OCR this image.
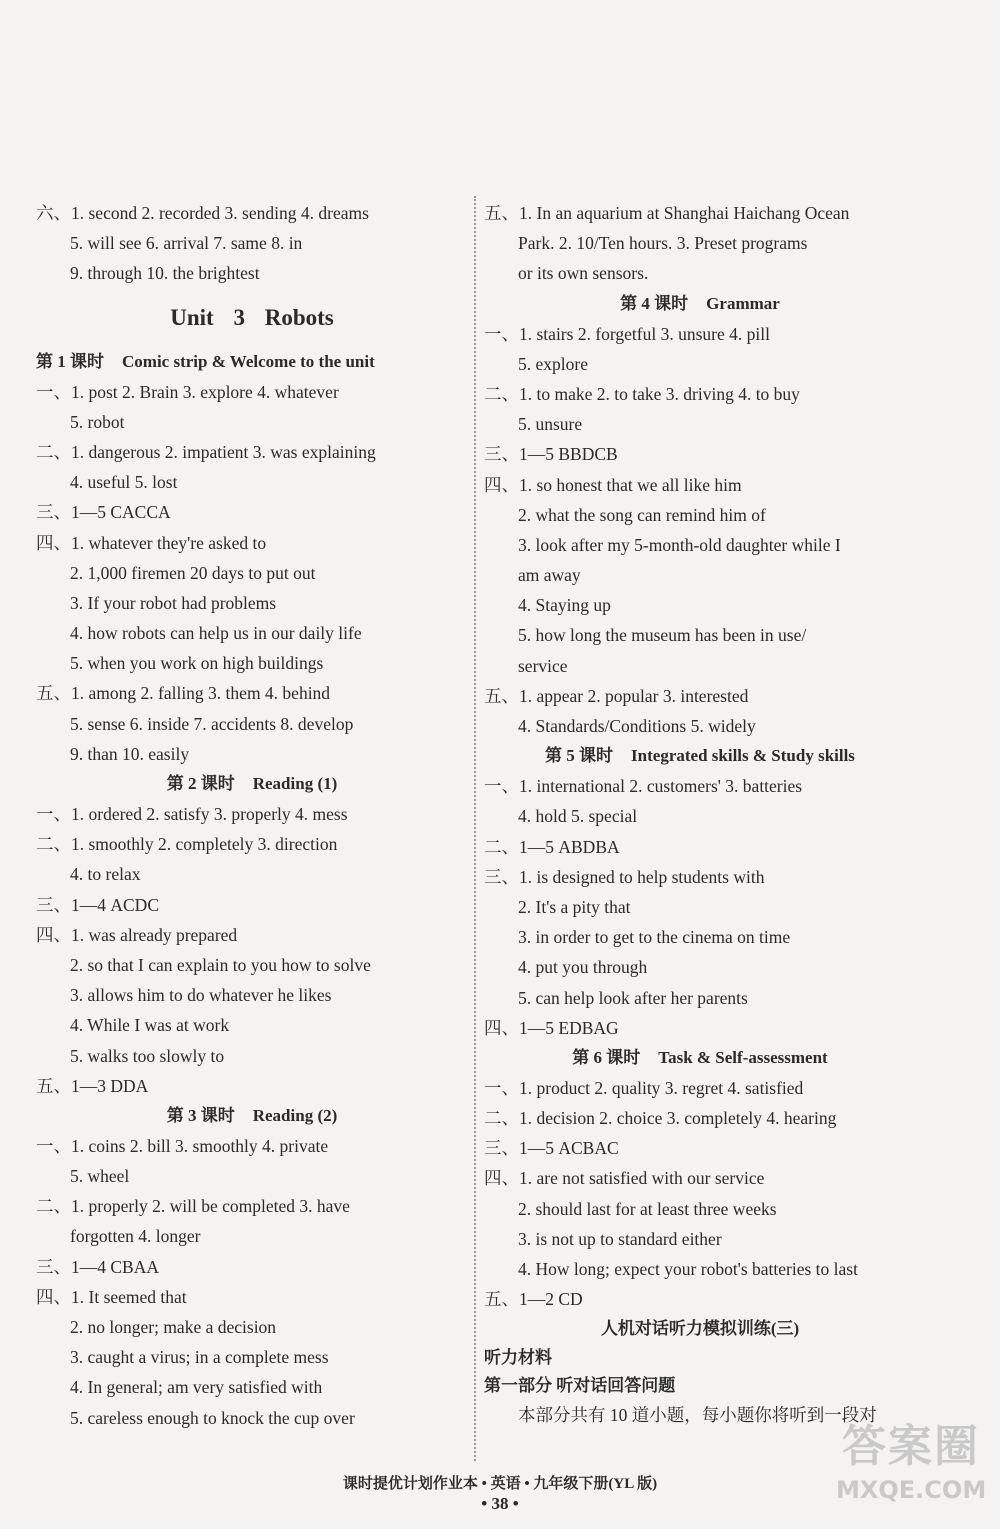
六、1. second 2. recorded 3. sending 4. dreams
5. will see 6. arrival 7. same 8. in
9. through 10. the brightest
Unit 3 Robots
第 1 课时 Comic strip & Welcome to the unit
一、1. post 2. Brain 3. explore 4. whatever
5. robot
二、1. dangerous 2. impatient 3. was explaining
4. useful 5. lost
三、1—5 CACCA
四、1. whatever they're asked to
2. 1,000 firemen 20 days to put out
3. If your robot had problems
4. how robots can help us in our daily life
5. when you work on high buildings
五、1. among 2. falling 3. them 4. behind
5. sense 6. inside 7. accidents 8. develop
9. than 10. easily
第 2 课时 Reading (1)
一、1. ordered 2. satisfy 3. properly 4. mess
二、1. smoothly 2. completely 3. direction
4. to relax
三、1—4 ACDC
四、1. was already prepared
2. so that I can explain to you how to solve
3. allows him to do whatever he likes
4. While I was at work
5. walks too slowly to
五、1—3 DDA
第 3 课时 Reading (2)
一、1. coins 2. bill 3. smoothly 4. private
5. wheel
二、1. properly 2. will be completed 3. have
forgotten 4. longer
三、1—4 CBAA
四、1. It seemed that
2. no longer; make a decision
3. caught a virus; in a complete mess
4. In general; am very satisfied with
5. careless enough to knock the cup over
五、1. In an aquarium at Shanghai Haichang Ocean
Park. 2. 10/Ten hours. 3. Preset programs
or its own sensors.
第 4 课时 Grammar
一、1. stairs 2. forgetful 3. unsure 4. pill
5. explore
二、1. to make 2. to take 3. driving 4. to buy
5. unsure
三、1—5 BBDCB
四、1. so honest that we all like him
2. what the song can remind him of
3. look after my 5-month-old daughter while I
am away
4. Staying up
5. how long the museum has been in use/
service
五、1. appear 2. popular 3. interested
4. Standards/Conditions 5. widely
第 5 课时 Integrated skills & Study skills
一、1. international 2. customers' 3. batteries
4. hold 5. special
二、1—5 ABDBA
三、1. is designed to help students with
2. It's a pity that
3. in order to get to the cinema on time
4. put you through
5. can help look after her parents
四、1—5 EDBAG
第 6 课时 Task & Self-assessment
一、1. product 2. quality 3. regret 4. satisfied
二、1. decision 2. choice 3. completely 4. hearing
三、1—5 ACBAC
四、1. are not satisfied with our service
2. should last for at least three weeks
3. is not up to standard either
4. How long; expect your robot's batteries to last
五、1—2 CD
人机对话听力模拟训练(三)
听力材料
第一部分 听对话回答问题
本部分共有 10 道小题，每小题你将听到一段对
课时提优计划作业本 • 英语 • 九年级下册(YL 版)
• 38 •
答案圈
MXQE.COM
